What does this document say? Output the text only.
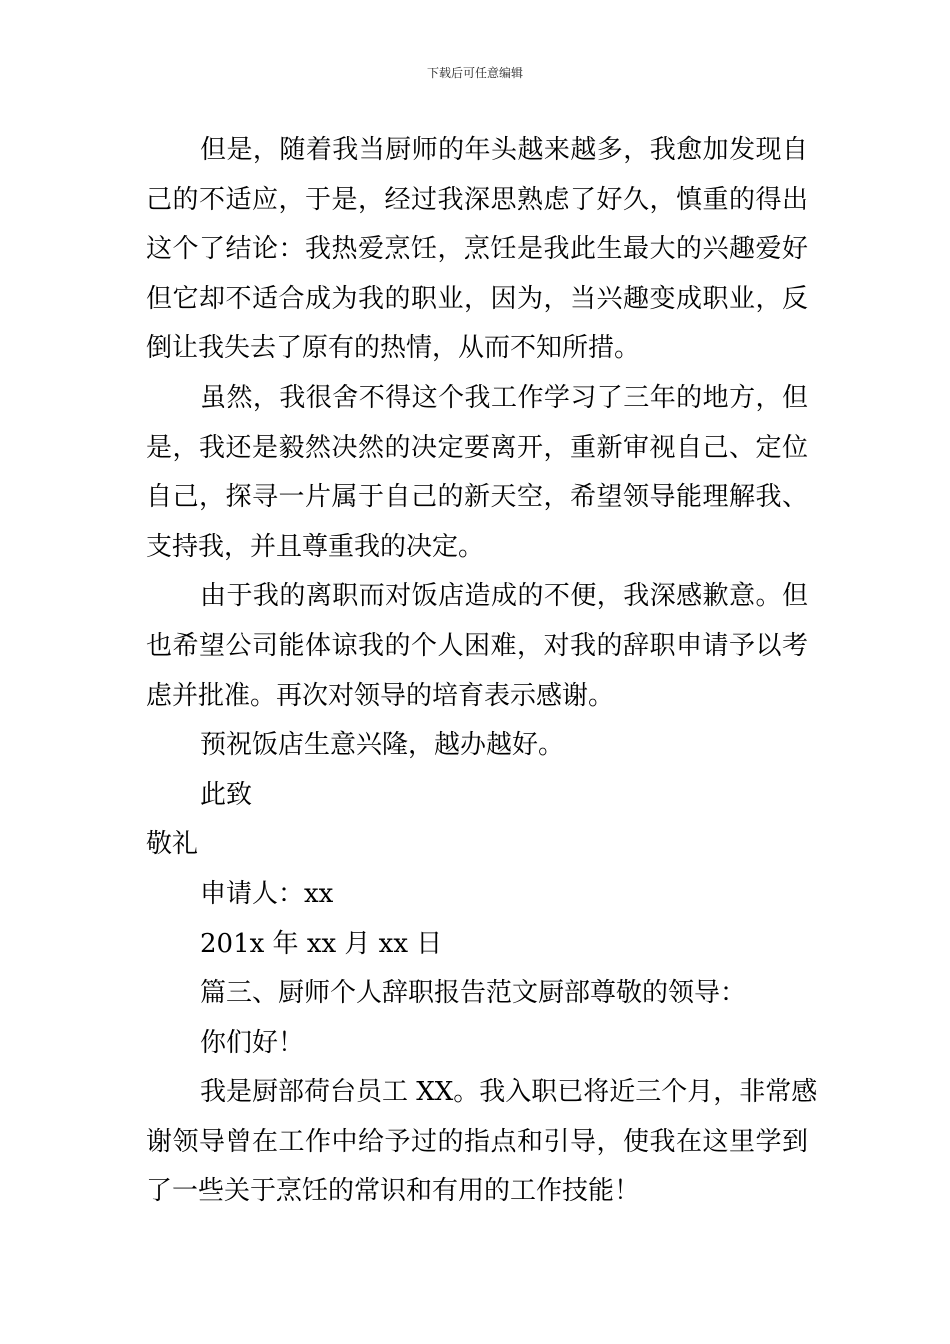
下载后可任意编辑
但是，随着我当厨师的年头越来越多，我愈加发现自
己的不适应，于是，经过我深思熟虑了好久，慎重的得出
这个了结论：我热爱烹饪，烹饪是我此生最大的兴趣爱好
但它却不适合成为我的职业，因为，当兴趣变成职业，反
倒让我失去了原有的热情，从而不知所措。
虽然，我很舍不得这个我工作学习了三年的地方，但
是，我还是毅然决然的决定要离开，重新审视自己、定位
自己，探寻一片属于自己的新天空，希望领导能理解我、
支持我，并且尊重我的决定。
由于我的离职而对饭店造成的不便，我深感歉意。但
也希望公司能体谅我的个人困难，对我的辞职申请予以考
虑并批准。再次对领导的培育表示感谢。
预祝饭店生意兴隆，越办越好。
此致
敬礼
申请人：xx
201x 年 xx 月 xx 日
篇三、厨师个人辞职报告范文厨部尊敬的领导：
你们好！
我是厨部荷台员工 XX。我入职已将近三个月，非常感
谢领导曾在工作中给予过的指点和引导，使我在这里学到
了一些关于烹饪的常识和有用的工作技能！
